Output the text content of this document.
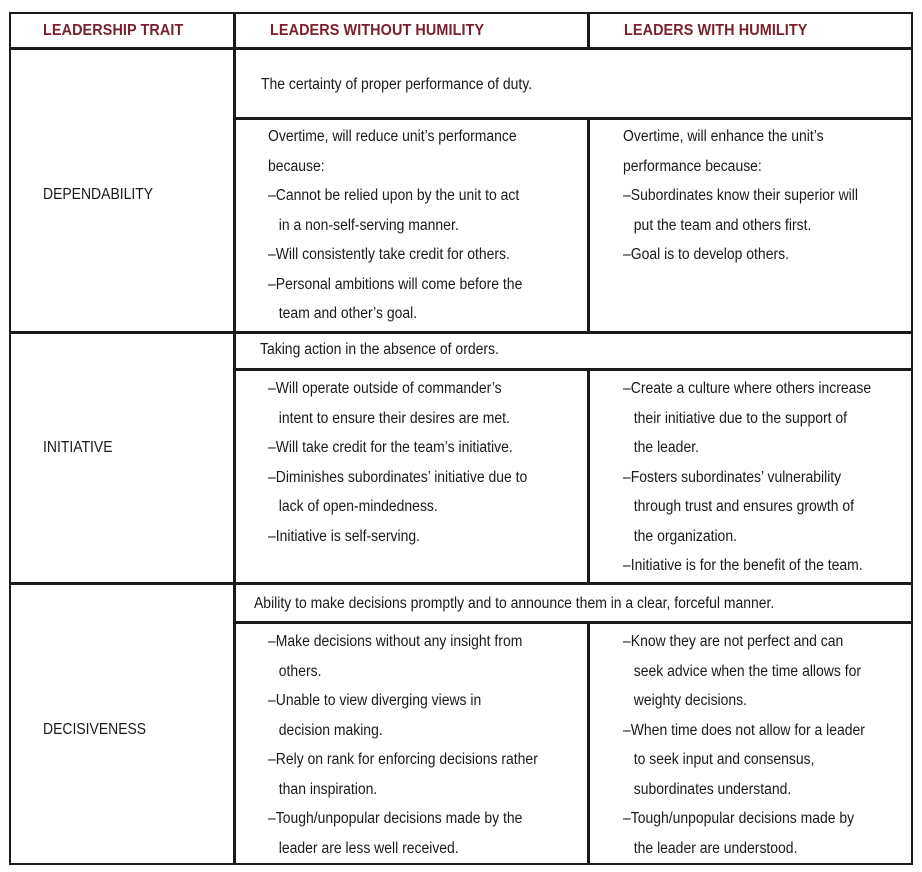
LEADERSHIP TRAIT	LEADERS WITHOUT HUMILITY	LEADERS WITH HUMILITY
DEPENDABILITY
The certainty of proper performance of duty.
Overtime, will reduce unit’s performance
because:
–Cannot be relied upon by the unit to act
in a non-self-serving manner.
–Will consistently take credit for others.
–Personal ambitions will come before the
team and other’s goal.
Overtime, will enhance the unit’s
performance because:
–Subordinates know their superior will
put the team and others first.
–Goal is to develop others.
INITIATIVE
Taking action in the absence of orders.
–Will operate outside of commander’s
intent to ensure their desires are met.
–Will take credit for the team’s initiative.
–Diminishes subordinates’ initiative due to
lack of open-mindedness.
–Initiative is self-serving.
–Create a culture where others increase
their initiative due to the support of
the leader.
–Fosters subordinates’ vulnerability
through trust and ensures growth of
the organization.
–Initiative is for the benefit of the team.
DECISIVENESS
Ability to make decisions promptly and to announce them in a clear, forceful manner.
–Make decisions without any insight from
others.
–Unable to view diverging views in
decision making.
–Rely on rank for enforcing decisions rather
than inspiration.
–Tough/unpopular decisions made by the
leader are less well received.
–Know they are not perfect and can
seek advice when the time allows for
weighty decisions.
–When time does not allow for a leader
to seek input and consensus,
subordinates understand.
–Tough/unpopular decisions made by
the leader are understood.
